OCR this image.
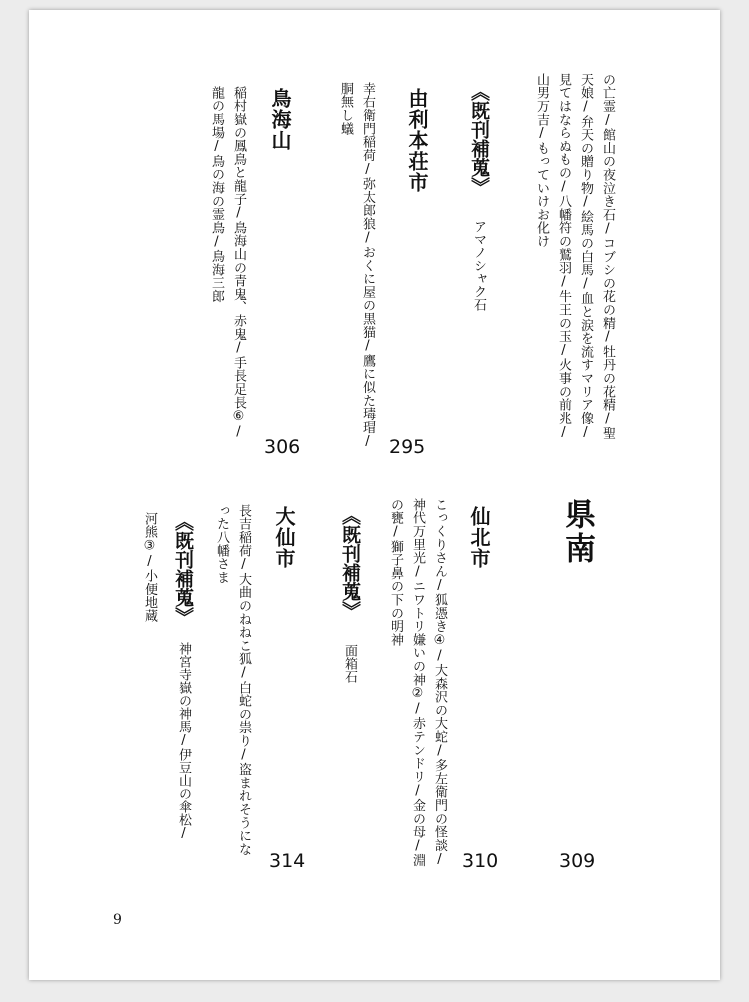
の亡霊/館山の夜泣き石/コブシの花の精/牡丹の花精/聖

天娘/弁天の贈り物/絵馬の白馬/血と涙を流すマリア像/

見てはならぬもの/八幡符の鷲羽/牛王の玉/火事の前兆/

山男万吉/もっていけお化け

《既刊補蒐》

アマノシャク石

由利本荘市

295

幸右衛門稲荷/弥太郎狼/おくに屋の黒猫/鷹に似た瑇瑁/

胴無し蟻

鳥海山

306

稲村嶽の鳳鳥と龍子/鳥海山の青鬼、赤鬼/手長足長⑥/

龍の馬場/鳥の海の霊鳥/鳥海三郎

県南

309

仙北市

310

こっくりさん/狐憑き④/大森沢の大蛇/多左衛門の怪談/

神代万里光/ニワトリ嫌いの神②/赤テンドリ/金の母/淵

の甕/獅子鼻の下の明神

《既刊補蒐》

面箱石

大仙市

314

長吉稲荷/大曲のねねこ狐/白蛇の祟り/盗まれそうにな

った八幡さま

《既刊補蒐》

神宮寺嶽の神馬/伊豆山の傘松/

河熊③/小便地蔵

9
